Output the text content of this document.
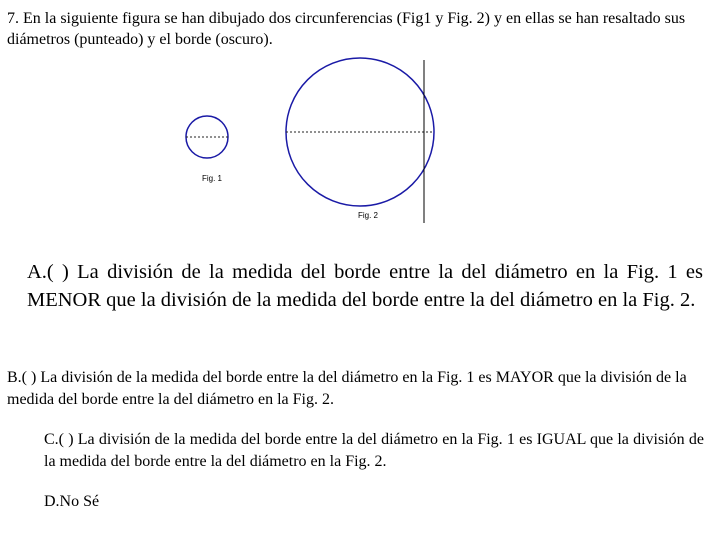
7. En la siguiente figura se han dibujado dos circunferencias (Fig1 y Fig. 2) y en ellas se han resaltado sus diámetros (punteado) y el borde (oscuro).

Fig. 1
Fig. 2

A.( ) La división de la medida del borde entre la del diámetro en la Fig. 1 es MENOR que la división de la medida del borde entre la del diámetro en la Fig. 2.

B.( ) La división de la medida del borde entre la del diámetro en la Fig. 1 es MAYOR que la división de la medida del borde entre la del diámetro en la Fig. 2.

C.( ) La división de la medida del borde entre la del diámetro en la Fig. 1 es IGUAL que la división de la medida del borde entre la del diámetro en la Fig. 2.

D.No Sé
